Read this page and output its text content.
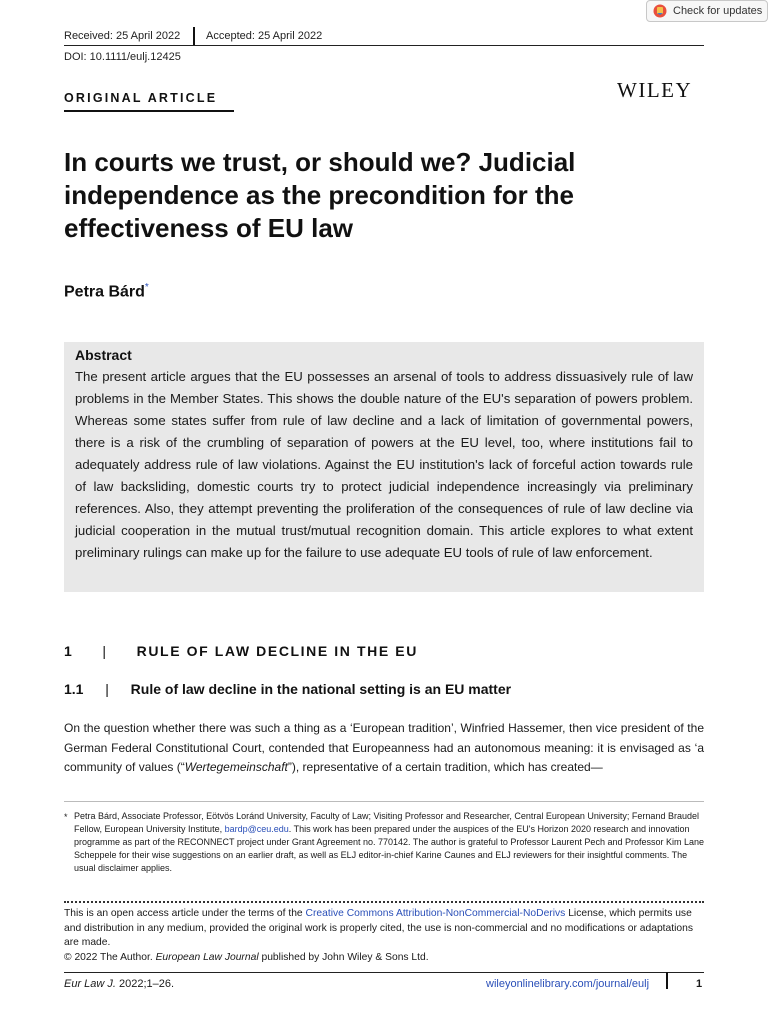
Check for updates
Received: 25 April 2022 Accepted: 25 April 2022
DOI: 10.1111/eulj.12425
ORIGINAL ARTICLE	WILEY
In courts we trust, or should we? Judicial
independence as the precondition for the
effectiveness of EU law
Petra Bárd*
Abstract
The present article argues that the EU possesses an arsenal of tools to address dissuasively rule of law problems in the Member States. This shows the double nature of the EU's separation of powers problem. Whereas some states suffer from rule of law decline and a lack of limitation of governmental powers, there is a risk of the crumbling of separation of powers at the EU level, too, where institutions fail to adequately address rule of law violations. Against the EU institution's lack of forceful action towards rule of law backsliding, domestic courts try to protect judicial independence increasingly via preliminary references. Also, they attempt preventing the proliferation of the consequences of rule of law decline via judicial cooperation in the mutual trust/mutual recognition domain. This article explores to what extent preliminary rulings can make up for the failure to use adequate EU tools of rule of law enforcement.
1 | RULE OF LAW DECLINE IN THE EU
1.1 | Rule of law decline in the national setting is an EU matter
On the question whether there was such a thing as a ‘European tradition’, Winfried Hassemer, then vice president of the German Federal Constitutional Court, contended that Europeanness had an autonomous meaning: it is envisaged as ‘a community of values (“Wertegemeinschaft”), representative of a certain tradition, which has created—
* Petra Bárd, Associate Professor, Eötvös Loránd University, Faculty of Law; Visiting Professor and Researcher, Central European University; Fernand Braudel Fellow, European University Institute, bardp@ceu.edu. This work has been prepared under the auspices of the EU's Horizon 2020 research and innovation programme as part of the RECONNECT project under Grant Agreement no. 770142. The author is grateful to Professor Laurent Pech and Professor Kim Lane Scheppele for their wise suggestions on an earlier draft, as well as ELJ editor-in-chief Karine Caunes and ELJ reviewers for their insightful comments. The usual disclaimer applies.
This is an open access article under the terms of the Creative Commons Attribution-NonCommercial-NoDerivs License, which permits use and distribution in any medium, provided the original work is properly cited, the use is non-commercial and no modifications or adaptations are made.
© 2022 The Author. European Law Journal published by John Wiley & Sons Ltd.
Eur Law J. 2022;1–26.	wileyonlinelibrary.com/journal/eulj	1
